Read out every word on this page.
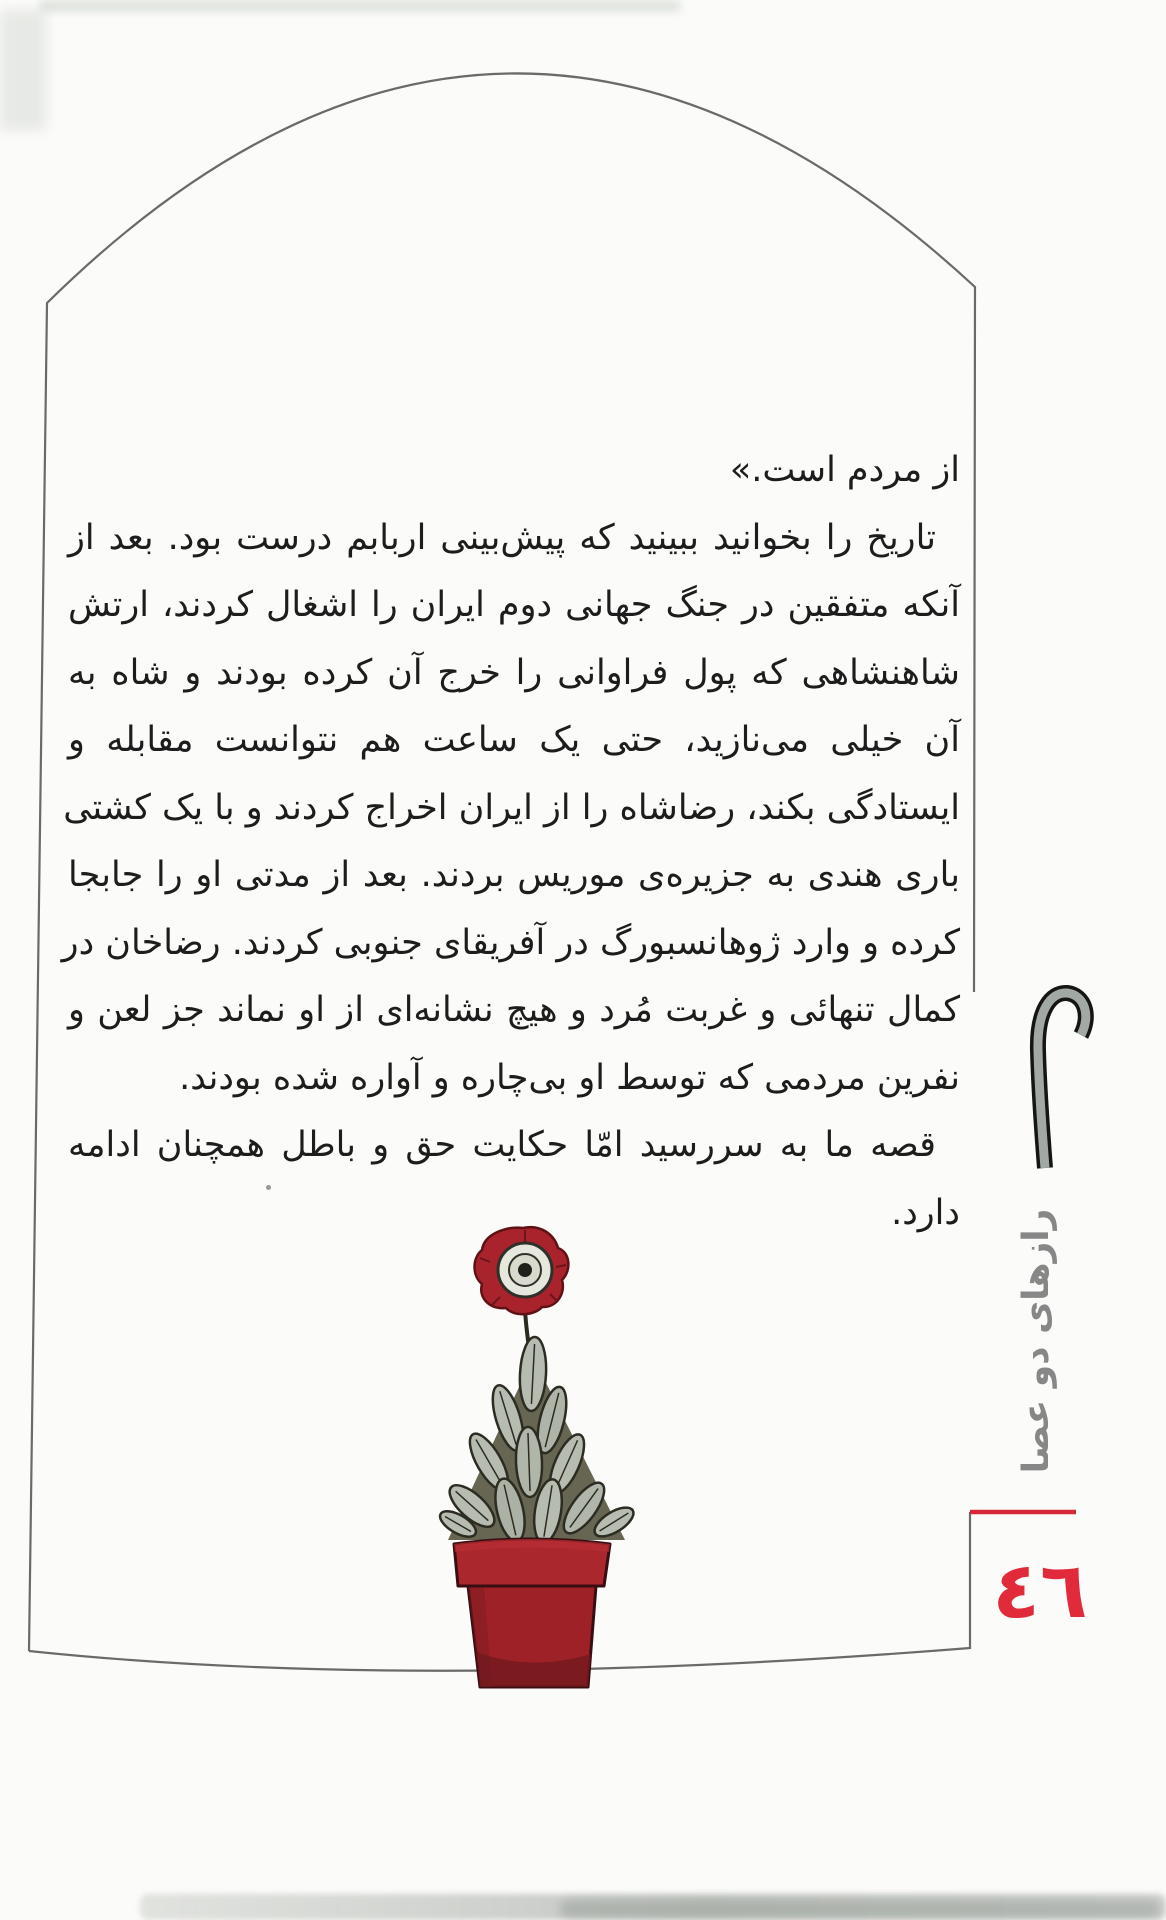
از مردم است.»
تاریخ را بخوانید ببینید که پیش‌بینی اربابم درست بود. بعد از
آنکه متفقین در جنگ جهانی دوم ایران را اشغال کردند، ارتش
شاهنشاهی که پول فراوانی را خرج آن کرده بودند و شاه به
آن خیلی می‌نازید، حتی یک ساعت هم نتوانست مقابله و
ایستادگی بکند، رضاشاه را از ایران اخراج کردند و با یک کشتی
باری هندی به جزیره‌ی موریس بردند. بعد از مدتی او را جابجا
کرده و وارد ژوهانسبورگ در آفریقای جنوبی کردند. رضاخان در
کمال تنهائی و غربت مُرد و هیچ نشانه‌ای از او نماند جز لعن و
نفرین مردمی که توسط او بی‌چاره و آواره شده بودند.
قصه ما به سررسید امّا حکایت حق و باطل همچنان ادامه
دارد. رازهای دو عصا
٤٦
